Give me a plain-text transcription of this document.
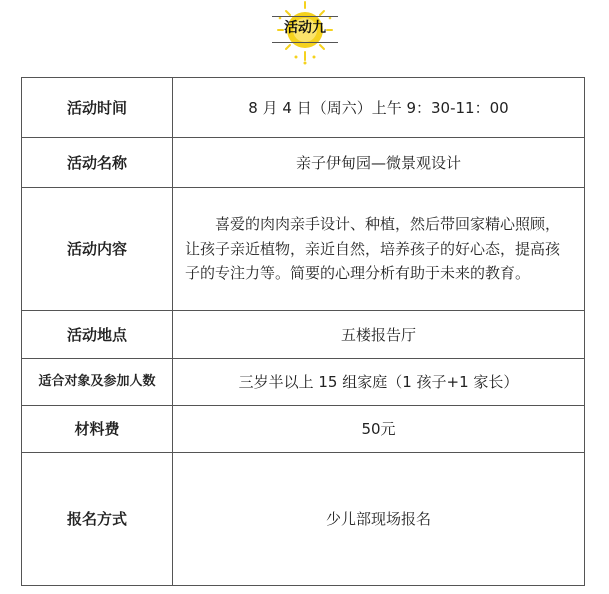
活动九
活动时间	8 月 4 日（周六）上午 9：30-11：00
活动名称	亲子伊甸园—微景观设计
活动内容	喜爱的肉肉亲手设计、种植，然后带回家精心照顾，让孩子亲近植物，亲近自然，培养孩子的好心态，提高孩子的专注力等。简要的心理分析有助于未来的教育。
活动地点	五楼报告厅
适合对象及参加人数	三岁半以上 15 组家庭（1 孩子+1 家长）
材料费	50元
报名方式	少儿部现场报名
